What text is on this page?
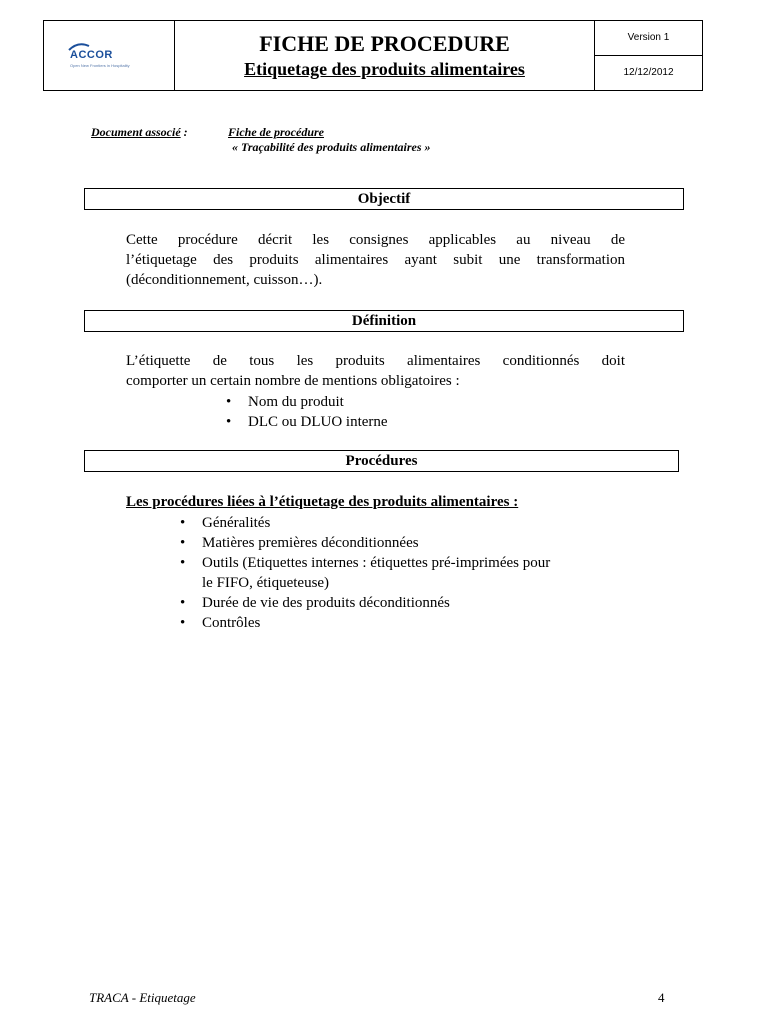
ACCOR
Open New Frontiers in Hospitality
FICHE DE PROCEDURE
Etiquetage des produits alimentaires
Version 1
12/12/2012
Document associé :	Fiche de procédure
« Traçabilité des produits alimentaires »
Objectif
Cette procédure décrit les consignes applicables au niveau de
l’étiquetage des produits alimentaires ayant subit une transformation
(déconditionnement, cuisson…).
Définition
L’étiquette de tous les produits alimentaires conditionnés doit
comporter un certain nombre de mentions obligatoires :
• Nom du produit
• DLC ou DLUO interne
Procédures
Les procédures liées à l’étiquetage des produits alimentaires :
• Généralités
• Matières premières déconditionnées
• Outils (Etiquettes internes : étiquettes pré-imprimées pour
le FIFO, étiqueteuse)
• Durée de vie des produits déconditionnés
• Contrôles
TRACA - Etiquetage	4
